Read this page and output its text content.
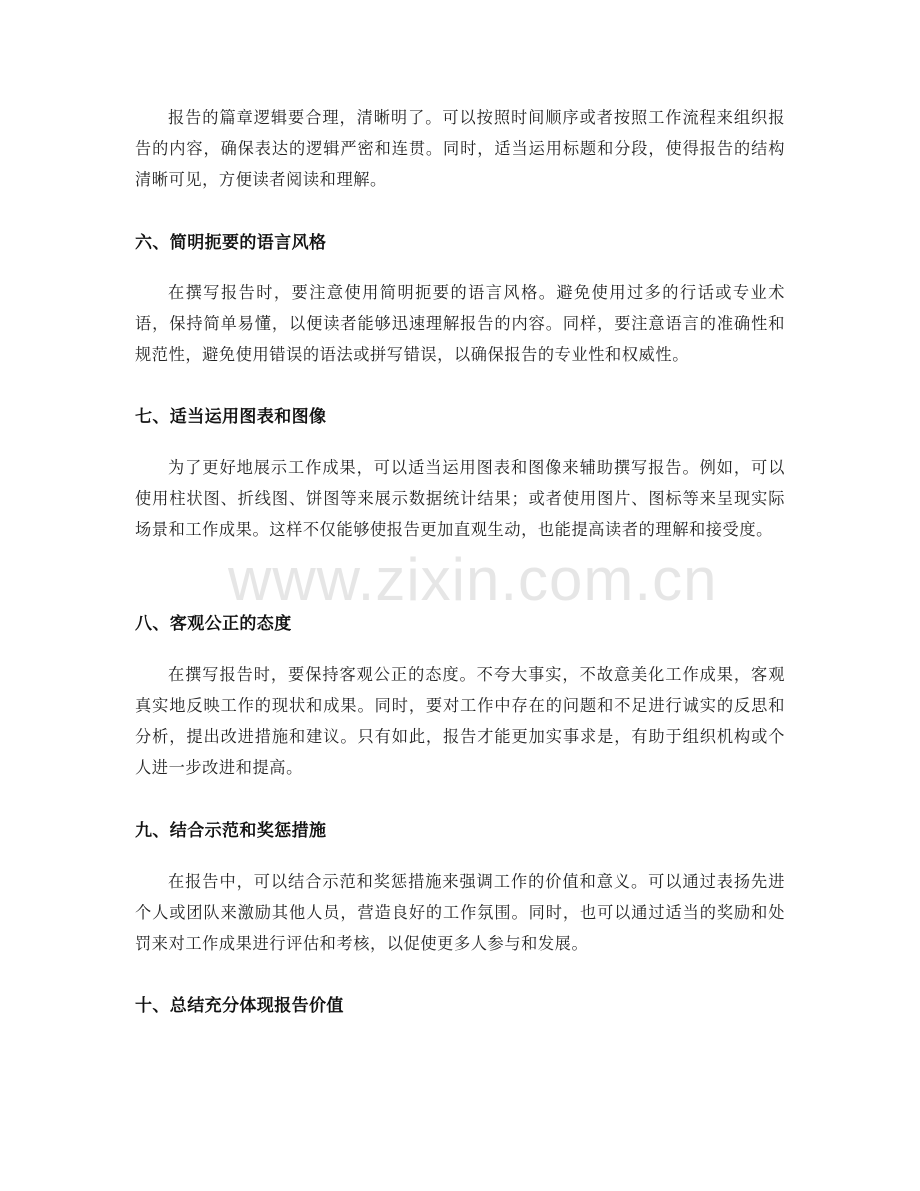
报告的篇章逻辑要合理，清晰明了。可以按照时间顺序或者按照工作流程来组织报告的内容，确保表达的逻辑严密和连贯。同时，适当运用标题和分段，使得报告的结构清晰可见，方便读者阅读和理解。

六、简明扼要的语言风格

在撰写报告时，要注意使用简明扼要的语言风格。避免使用过多的行话或专业术语，保持简单易懂，以便读者能够迅速理解报告的内容。同样，要注意语言的准确性和规范性，避免使用错误的语法或拼写错误，以确保报告的专业性和权威性。

七、适当运用图表和图像

为了更好地展示工作成果，可以适当运用图表和图像来辅助撰写报告。例如，可以使用柱状图、折线图、饼图等来展示数据统计结果；或者使用图片、图标等来呈现实际场景和工作成果。这样不仅能够使报告更加直观生动，也能提高读者的理解和接受度。

八、客观公正的态度

在撰写报告时，要保持客观公正的态度。不夸大事实，不故意美化工作成果，客观真实地反映工作的现状和成果。同时，要对工作中存在的问题和不足进行诚实的反思和分析，提出改进措施和建议。只有如此，报告才能更加实事求是，有助于组织机构或个人进一步改进和提高。

九、结合示范和奖惩措施

在报告中，可以结合示范和奖惩措施来强调工作的价值和意义。可以通过表扬先进个人或团队来激励其他人员，营造良好的工作氛围。同时，也可以通过适当的奖励和处罚来对工作成果进行评估和考核，以促使更多人参与和发展。

十、总结充分体现报告价值
www.zixin.com.cn
